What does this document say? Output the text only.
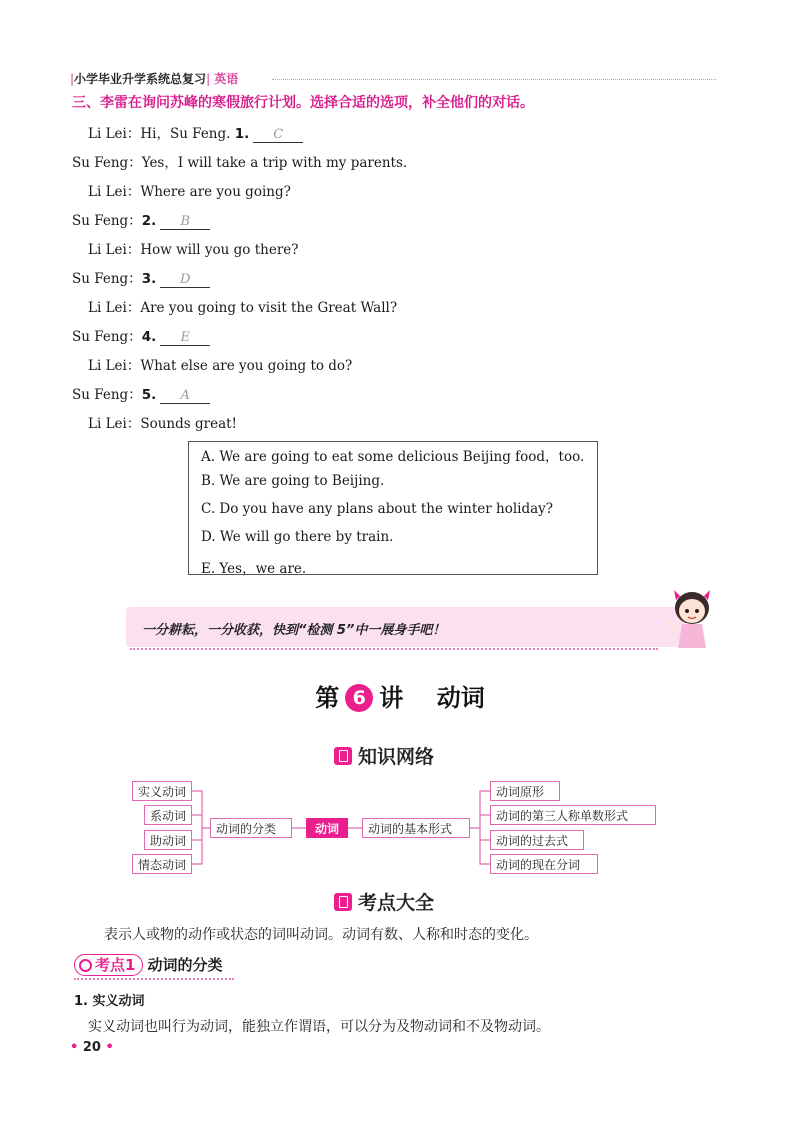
|小学毕业升学系统总复习| 英语
三、李雷在询问苏峰的寒假旅行计划。选择合适的选项，补全他们的对话。
Li Lei：Hi，Su Feng. 1. C
Su Feng：Yes，I will take a trip with my parents.
Li Lei：Where are you going?
Su Feng：2. B
Li Lei：How will you go there?
Su Feng：3. D
Li Lei：Are you going to visit the Great Wall?
Su Feng：4. E
Li Lei：What else are you going to do?
Su Feng：5. A
Li Lei：Sounds great!
A. We are going to eat some delicious Beijing food，too.
B. We are going to Beijing.
C. Do you have any plans about the winter holiday?
D. We will go there by train.
E. Yes，we are.
一分耕耘，一分收获，快到“检测 5”中一展身手吧！
第 6 讲 动词
知识网络
实义动词
系动词
助动词
情态动词
动词的分类	动词	动词的基本形式
动词原形
动词的第三人称单数形式
动词的过去式
动词的现在分词
考点大全
表示人或物的动作或状态的词叫动词。动词有数、人称和时态的变化。
考点1 动词的分类
1. 实义动词
实义动词也叫行为动词，能独立作谓语，可以分为及物动词和不及物动词。
• 20 •
